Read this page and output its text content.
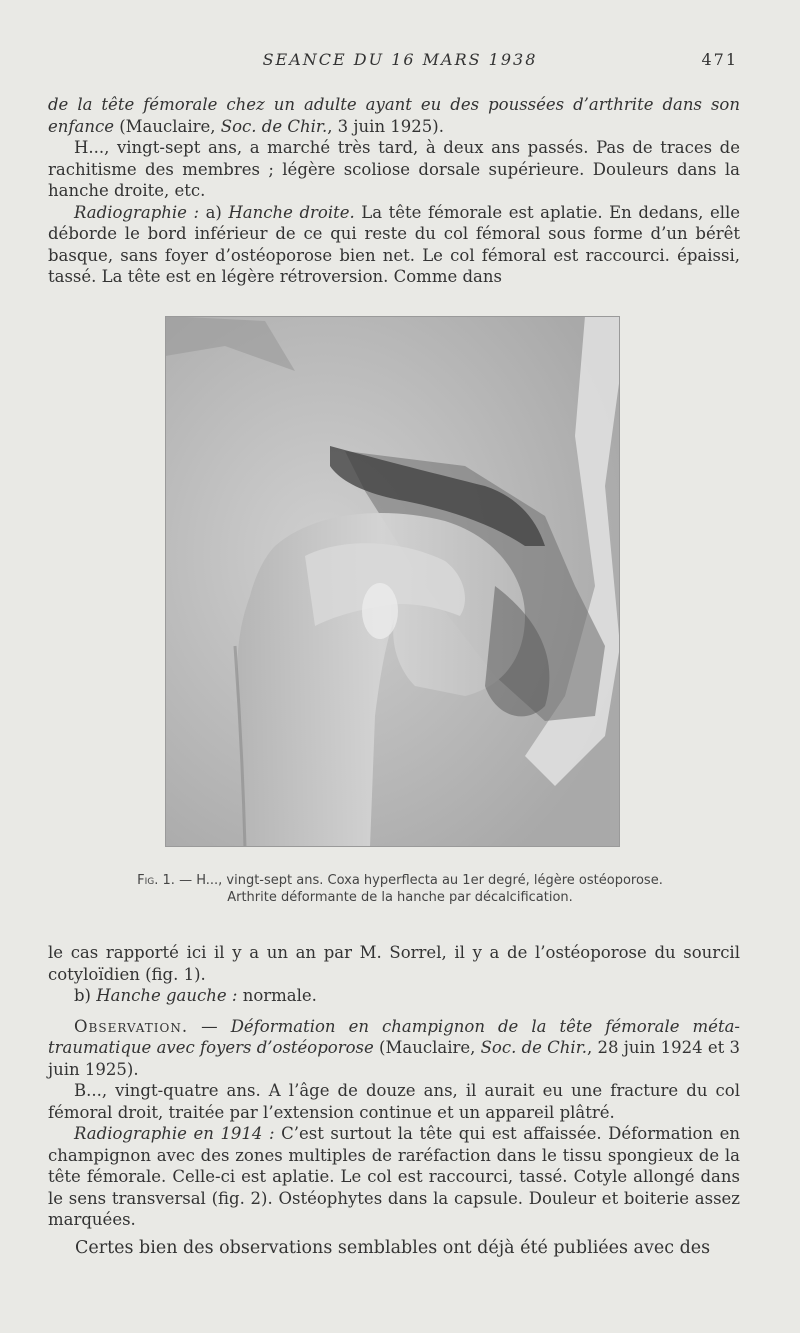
SEANCE DU 16 MARS 1938	471

de la tête fémorale chez un adulte ayant eu des poussées d’arthrite dans son enfance (Mauclaire, Soc. de Chir., 3 juin 1925).

H..., vingt-sept ans, a marché très tard, à deux ans passés. Pas de traces de rachitisme des membres ; légère scoliose dorsale supérieure. Douleurs dans la hanche droite, etc.

Radiographie : a) Hanche droite. La tête fémorale est aplatie. En dedans, elle déborde le bord inférieur de ce qui reste du col fémoral sous forme d’un bérêt basque, sans foyer d’ostéoporose bien net. Le col fémoral est raccourci. épaissi, tassé. La tête est en légère rétroversion. Comme dans

Fig. 1. — H..., vingt-sept ans. Coxa hyperflecta au 1er degré, légère ostéoporose.
Arthrite déformante de la hanche par décalcification.

le cas rapporté ici il y a un an par M. Sorrel, il y a de l’ostéoporose du sourcil cotyloïdien (fig. 1).

b) Hanche gauche : normale.

Observation. — Déformation en champignon de la tête fémorale méta-traumatique avec foyers d’ostéoporose (Mauclaire, Soc. de Chir., 28 juin 1924 et 3 juin 1925).

B..., vingt-quatre ans. A l’âge de douze ans, il aurait eu une fracture du col fémoral droit, traitée par l’extension continue et un appareil plâtré.

Radiographie en 1914 : C’est surtout la tête qui est affaissée. Déformation en champignon avec des zones multiples de raréfaction dans le tissu spongieux de la tête fémorale. Celle-ci est aplatie. Le col est raccourci, tassé. Cotyle allongé dans le sens transversal (fig. 2). Ostéophytes dans la capsule. Douleur et boiterie assez marquées.

Certes bien des observations semblables ont déjà été publiées avec des
